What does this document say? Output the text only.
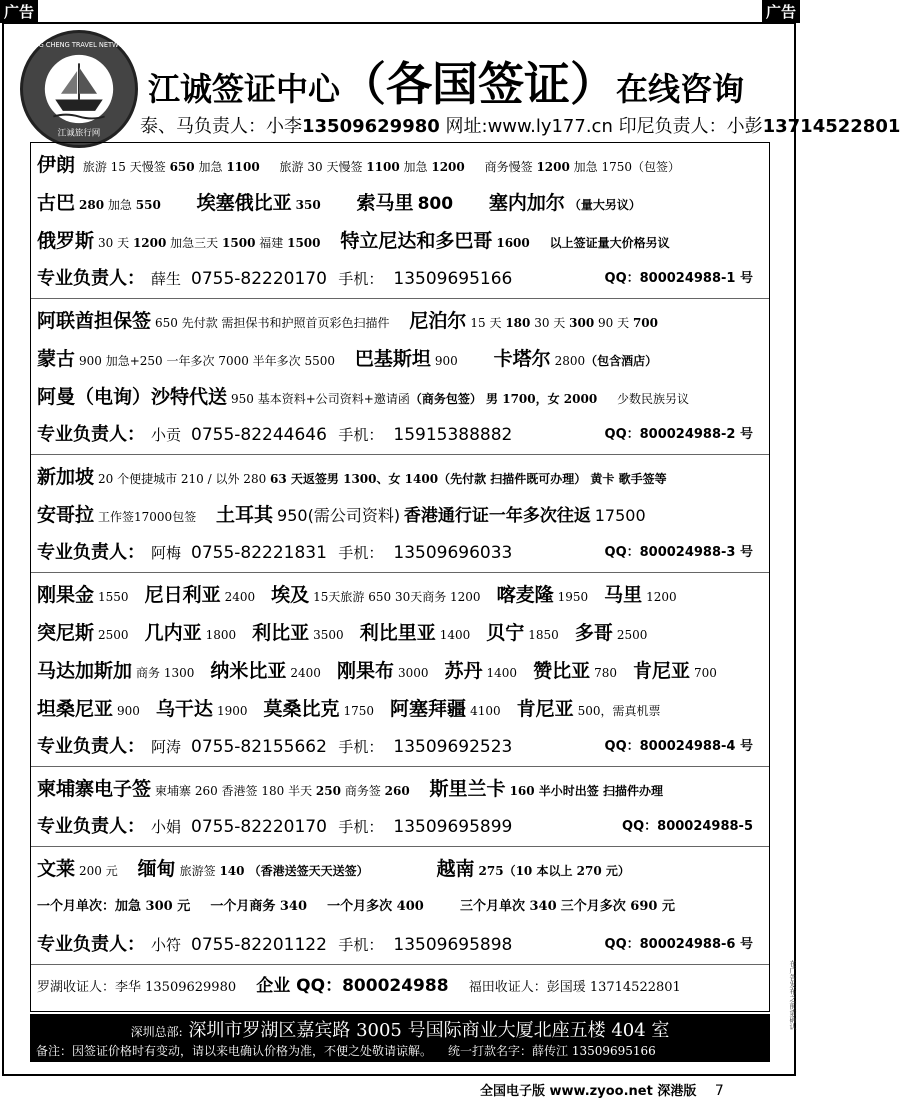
广告	广告
江诚旅行网
JIANG CHENG TRAVEL NETWORK
江诚签证中心（各国签证）在线咨询
泰、马负责人：小李13509629980 网址:www.ly177.cn 印尼负责人：小彭13714522801
伊朗 旅游 15 天慢签 650 加急 1100 旅游 30 天慢签 1100 加急 1200 商务慢签 1200 加急 1750（包签）
古巴 280 加急 550 埃塞俄比亚 350 索马里 800 塞内加尔 （量大另议）
俄罗斯 30 天 1200 加急三天 1500 福建 1500 特立尼达和多巴哥 1600 以上签证量大价格另议
专业负责人： 薛生 0755-82220170 手机： 13509695166	QQ：800024988-1 号
阿联酋担保签 650 先付款 需担保书和护照首页彩色扫描件 尼泊尔 15 天 180 30 天 300 90 天 700
蒙古 900 加急+250 一年多次 7000 半年多次 5500 巴基斯坦 900 卡塔尔 2800（包含酒店）
阿曼（电询）沙特代送 950 基本资料+公司资料+邀请函（商务包签） 男 1700，女 2000 少数民族另议
专业负责人： 小贡 0755-82244646 手机： 15915388882	QQ：800024988-2 号
新加坡 20 个便捷城市 210 / 以外 280 63 天返签男 1300、女 1400（先付款 扫描件既可办理） 黄卡 歌手签等
安哥拉 工作签17000包签 土耳其 950(需公司资料) 香港通行证一年多次往返 17500
专业负责人： 阿梅 0755-82221831 手机： 13509696033	QQ：800024988-3 号
刚果金 1550 尼日利亚 2400 埃及 15天旅游 650 30天商务 1200 喀麦隆 1950 马里 1200
突尼斯 2500 几内亚 1800 利比亚 3500 利比里亚 1400 贝宁 1850 多哥 2500
马达加斯加 商务 1300 纳米比亚 2400 刚果布 3000 苏丹 1400 赞比亚 780 肯尼亚 700
坦桑尼亚 900 乌干达 1900 莫桑比克 1750 阿塞拜疆 4100 肯尼亚 500，需真机票
专业负责人： 阿涛 0755-82155662 手机： 13509692523	QQ：800024988-4 号
柬埔寨电子签 柬埔寨 260 香港签 180 半天 250 商务签 260 斯里兰卡 160 半小时出签 扫描件办理
专业负责人： 小娟 0755-82220170 手机： 13509695899	QQ：800024988-5
文莱 200 元 缅甸 旅游签 140 （香港送签天天送签）	越南 275（10 本以上 270 元）
一个月单次：加急 300 元 一个月商务 340 一个月多次 400	三个月单次 340 三个月多次 690 元
专业负责人： 小符 0755-82201122 手机： 13509695898	QQ：800024988-6 号
罗湖收证人：李华 13509629980 企业 QQ：800024988 福田收证人：彭国瑗 13714522801
深圳总部: 深圳市罗湖区嘉宾路 3005 号国际商业大厦北座五楼 404 室
备注：因签证价格时有变动，请以来电确认价格为准，不便之处敬请谅解。 统一打款名字：薛传江 13509695166
全国电子版 www.zyoo.net 深港版 7
在广告发布之前请确认
